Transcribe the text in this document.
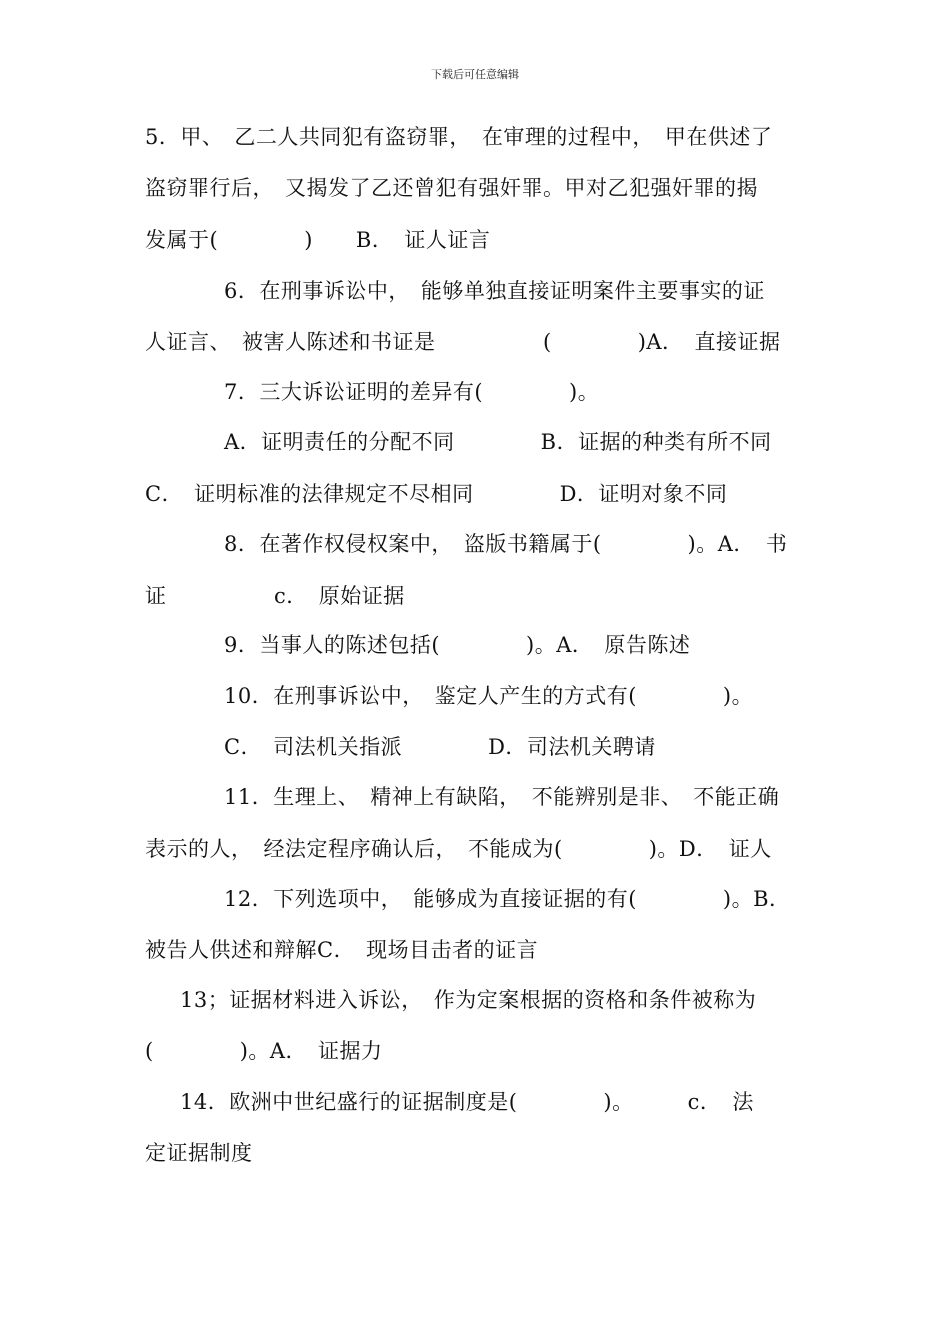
下载后可任意编辑
5．甲、　乙二人共同犯有盗窃罪，　在审理的过程中，　甲在供述了
盗窃罪行后，　又揭发了乙还曾犯有强奸罪。甲对乙犯强奸罪的揭
发属于(　　　　)　　B．　证人证言
6．在刑事诉讼中，　能够单独直接证明案件主要事实的证
人证言、　被害人陈述和书证是　　　　　(　　　　)A．　直接证据
7．三大诉讼证明的差异有(　　　　)。
A．证明责任的分配不同　　　　B．证据的种类有所不同
C．　证明标准的法律规定不尽相同　　　　D．证明对象不同
8．在著作权侵权案中，　盗版书籍属于(　　　　)。A．　书
证　　　　　c．　原始证据
9．当事人的陈述包括(　　　　)。A．　原告陈述
10．在刑事诉讼中，　鉴定人产生的方式有(　　　　)。
C．　司法机关指派　　　　D．司法机关聘请
11．生理上、　精神上有缺陷，　不能辨别是非、　不能正确
表示的人，　经法定程序确认后，　不能成为(　　　　)。D．　证人
12．下列选项中，　能够成为直接证据的有(　　　　)。B．
被告人供述和辩解C．　现场目击者的证言
13；证据材料进入诉讼，　作为定案根据的资格和条件被称为
(　　　　)。A．　证据力
14．欧洲中世纪盛行的证据制度是(　　　　)。　　　c．　法
定证据制度
